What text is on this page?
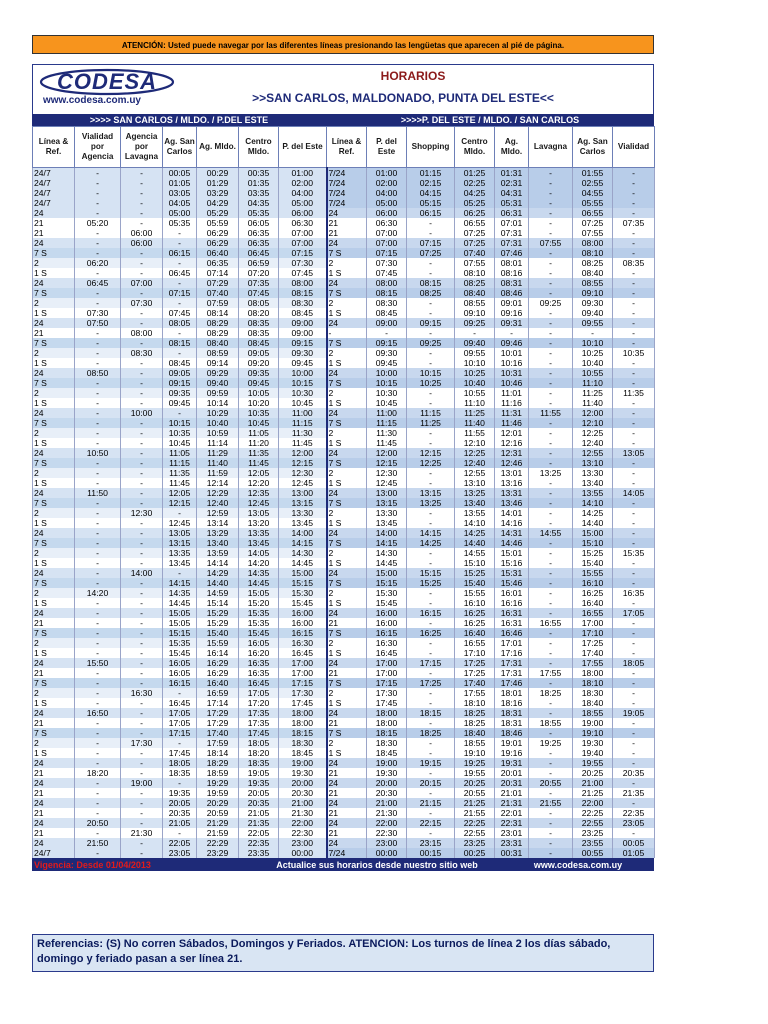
ATENCIÓN: Usted puede navegar por las diferentes líneas presionando las lengüetas que aparecen al pié de página.
CODESA
www.codesa.com.uy
HORARIOS
>>SAN CARLOS, MALDONADO, PUNTA DEL ESTE<<
>>>> SAN CARLOS / MLDO. / P.DEL ESTE	>>>>P. DEL ESTE / MLDO. / SAN CARLOS
Línea & Ref.	Vialidad por Agencia	Agencia por Lavagna	Ag. San Carlos	Ag. Mldo.	Centro Mldo.	P. del Este	Línea & Ref.	P. del Este	Shopping	Centro Mldo.	Ag. Mldo.	Lavagna	Ag. San Carlos	Vialidad
24/7	-	-	00:05	00:29	00:35	01:00	7/24	01:00	01:15	01:25	01:31	-	01:55	-
24/7	-	-	01:05	01:29	01:35	02:00	7/24	02:00	02:15	02:25	02:31	-	02:55	-
24/7	-	-	03:05	03:29	03:35	04:00	7/24	04:00	04:15	04:25	04:31	-	04:55	-
24/7	-	-	04:05	04:29	04:35	05:00	7/24	05:00	05:15	05:25	05:31	-	05:55	-
24	-	-	05:00	05:29	05:35	06:00	24	06:00	06:15	06:25	06:31	-	06:55	-
21	05:20	-	05:35	05:59	06:05	06:30	21	06:30	-	06:55	07:01	-	07:25	07:35
21	-	06:00	-	06:29	06:35	07:00	21	07:00	-	07:25	07:31	-	07:55	-
24	-	06:00	-	06:29	06:35	07:00	24	07:00	07:15	07:25	07:31	07:55	08:00	-
7 S	-	-	06:15	06:40	06:45	07:15	7 S	07:15	07:25	07:40	07:46	-	08:10	-
2	06:20	-	-	06:35	06:59	07:30	2	07:30	-	07:55	08:01	-	08:25	08:35
1 S	-	-	06:45	07:14	07:20	07:45	1 S	07:45	-	08:10	08:16	-	08:40	-
24	06:45	07:00	-	07:29	07:35	08:00	24	08:00	08:15	08:25	08:31	-	08:55	-
7 S	-	-	07:15	07:40	07:45	08:15	7 S	08:15	08:25	08:40	08:46	-	09:10	-
2	-	07:30	-	07:59	08:05	08:30	2	08:30	-	08:55	09:01	09:25	09:30	-
1 S	07:30	-	07:45	08:14	08:20	08:45	1 S	08:45	-	09:10	09:16	-	09:40	-
24	07:50	-	08:05	08:29	08:35	09:00	24	09:00	09:15	09:25	09:31	-	09:55	-
21	-	08:00	-	08:29	08:35	09:00	-	-	-	-	-	-	-	-
7 S	-	-	08:15	08:40	08:45	09:15	7 S	09:15	09:25	09:40	09:46	-	10:10	-
2	-	08:30	-	08:59	09:05	09:30	2	09:30	-	09:55	10:01	-	10:25	10:35
1 S	-	-	08:45	09:14	09:20	09:45	1 S	09:45	-	10:10	10:16	-	10:40	-
24	08:50	-	09:05	09:29	09:35	10:00	24	10:00	10:15	10:25	10:31	-	10:55	-
7 S	-	-	09:15	09:40	09:45	10:15	7 S	10:15	10:25	10:40	10:46	-	11:10	-
2	-	-	09:35	09:59	10:05	10:30	2	10:30	-	10:55	11:01	-	11:25	11:35
1 S	-	-	09:45	10:14	10:20	10:45	1 S	10:45	-	11:10	11:16	-	11:40	-
24	-	10:00	-	10:29	10:35	11:00	24	11:00	11:15	11:25	11:31	11:55	12:00	-
7 S	-	-	10:15	10:40	10:45	11:15	7 S	11:15	11:25	11:40	11:46	-	12:10	-
2	-	-	10:35	10:59	11:05	11:30	2	11:30	-	11:55	12:01	-	12:25	-
1 S	-	-	10:45	11:14	11:20	11:45	1 S	11:45	-	12:10	12:16	-	12:40	-
24	10:50	-	11:05	11:29	11:35	12:00	24	12:00	12:15	12:25	12:31	-	12:55	13:05
7 S	-	-	11:15	11:40	11:45	12:15	7 S	12:15	12:25	12:40	12:46	-	13:10	-
2	-	-	11:35	11:59	12:05	12:30	2	12:30	-	12:55	13:01	13:25	13:30	-
1 S	-	-	11:45	12:14	12:20	12:45	1 S	12:45	-	13:10	13:16	-	13:40	-
24	11:50	-	12:05	12:29	12:35	13:00	24	13:00	13:15	13:25	13:31	-	13:55	14:05
7 S	-	-	12:15	12:40	12:45	13:15	7 S	13:15	13:25	13:40	13:46	-	14:10	-
2	-	12:30	-	12:59	13:05	13:30	2	13:30	-	13:55	14:01	-	14:25	-
1 S	-	-	12:45	13:14	13:20	13:45	1 S	13:45	-	14:10	14:16	-	14:40	-
24	-	-	13:05	13:29	13:35	14:00	24	14:00	14:15	14:25	14:31	14:55	15:00	-
7 S	-	-	13:15	13:40	13:45	14:15	7 S	14:15	14:25	14:40	14:46	-	15:10	-
2	-	-	13:35	13:59	14:05	14:30	2	14:30	-	14:55	15:01	-	15:25	15:35
1 S	-	-	13:45	14:14	14:20	14:45	1 S	14:45	-	15:10	15:16	-	15:40	-
24	-	14:00	-	14:29	14:35	15:00	24	15:00	15:15	15:25	15:31	-	15:55	-
7 S	-	-	14:15	14:40	14:45	15:15	7 S	15:15	15:25	15:40	15:46	-	16:10	-
2	14:20	-	14:35	14:59	15:05	15:30	2	15:30	-	15:55	16:01	-	16:25	16:35
1 S	-	-	14:45	15:14	15:20	15:45	1 S	15:45	-	16:10	16:16	-	16:40	-
24	-	-	15:05	15:29	15:35	16:00	24	16:00	16:15	16:25	16:31	-	16:55	17:05
21	-	-	15:05	15:29	15:35	16:00	21	16:00	-	16:25	16:31	16:55	17:00	-
7 S	-	-	15:15	15:40	15:45	16:15	7 S	16:15	16:25	16:40	16:46	-	17:10	-
2	-	-	15:35	15:59	16:05	16:30	2	16:30	-	16:55	17:01	-	17:25	-
1 S	-	-	15:45	16:14	16:20	16:45	1 S	16:45	-	17:10	17:16	-	17:40	-
24	15:50	-	16:05	16:29	16:35	17:00	24	17:00	17:15	17:25	17:31	-	17:55	18:05
21	-	-	16:05	16:29	16:35	17:00	21	17:00	-	17:25	17:31	17:55	18:00	-
7 S	-	-	16:15	16:40	16:45	17:15	7 S	17:15	17:25	17:40	17:46	-	18:10	-
2	-	16:30	-	16:59	17:05	17:30	2	17:30	-	17:55	18:01	18:25	18:30	-
1 S	-	-	16:45	17:14	17:20	17:45	1 S	17:45	-	18:10	18:16	-	18:40	-
24	16:50	-	17:05	17:29	17:35	18:00	24	18:00	18:15	18:25	18:31	-	18:55	19:05
21	-	-	17:05	17:29	17:35	18:00	21	18:00	-	18:25	18:31	18:55	19:00	-
7 S	-	-	17:15	17:40	17:45	18:15	7 S	18:15	18:25	18:40	18:46	-	19:10	-
2	-	17:30	-	17:59	18:05	18:30	2	18:30	-	18:55	19:01	19:25	19:30	-
1 S	-	-	17:45	18:14	18:20	18:45	1 S	18:45	-	19:10	19:16	-	19:40	-
24	-	-	18:05	18:29	18:35	19:00	24	19:00	19:15	19:25	19:31	-	19:55	-
21	18:20	-	18:35	18:59	19:05	19:30	21	19:30	-	19:55	20:01	-	20:25	20:35
24	-	19:00	-	19:29	19:35	20:00	24	20:00	20:15	20:25	20:31	20:55	21:00	-
21	-	-	19:35	19:59	20:05	20:30	21	20:30	-	20:55	21:01	-	21:25	21:35
24	-	-	20:05	20:29	20:35	21:00	24	21:00	21:15	21:25	21:31	21:55	22:00	-
21	-	-	20:35	20:59	21:05	21:30	21	21:30	-	21:55	22:01	-	22:25	22:35
24	20:50	-	21:05	21:29	21:35	22:00	24	22:00	22:15	22:25	22:31	-	22:55	23:05
21	-	21:30	-	21:59	22:05	22:30	21	22:30	-	22:55	23:01	-	23:25	-
24	21:50	-	22:05	22:29	22:35	23:00	24	23:00	23:15	23:25	23:31	-	23:55	00:05
24/7	-	-	23:05	23:29	23:35	00:00	7/24	00:00	00:15	00:25	00:31	-	00:55	01:05
Vigencia: Desde 01/04/2013	Actualice sus horarios desde nuestro sitio web	www.codesa.com.uy
Referencias: (S) No corren Sábados, Domingos y Feriados. ATENCION: Los turnos de línea 2 los días sábado, domingo y feriado pasan a ser línea 21.
